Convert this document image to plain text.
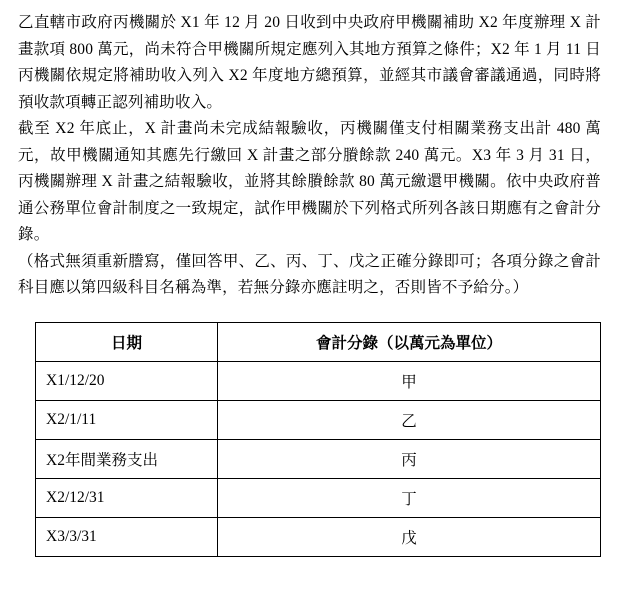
乙直轄市政府丙機關於 X1 年 12 月 20 日收到中央政府甲機關補助 X2 年度辦理 X 計畫款項 800 萬元，尚未符合甲機關所規定應列入其地方預算之條件；X2 年 1 月 11 日丙機關依規定將補助收入列入 X2 年度地方總預算，並經其市議會審議通過，同時將預收款項轉正認列補助收入。

截至 X2 年底止，X 計畫尚未完成結報驗收，丙機關僅支付相關業務支出計 480 萬元，故甲機關通知其應先行繳回 X 計畫之部分賸餘款 240 萬元。X3 年 3 月 31 日，丙機關辦理 X 計畫之結報驗收，並將其餘賸餘款 80 萬元繳還甲機關。依中央政府普通公務單位會計制度之一致規定，試作甲機關於下列格式所列各該日期應有之會計分錄。

（格式無須重新謄寫，僅回答甲、乙、丙、丁、戊之正確分錄即可；各項分錄之會計科目應以第四級科目名稱為準，若無分錄亦應註明之，否則皆不予給分。）

日期	會計分錄（以萬元為單位）
X1/12/20	甲
X2/1/11	乙
X2年間業務支出	丙
X2/12/31	丁
X3/3/31	戊
